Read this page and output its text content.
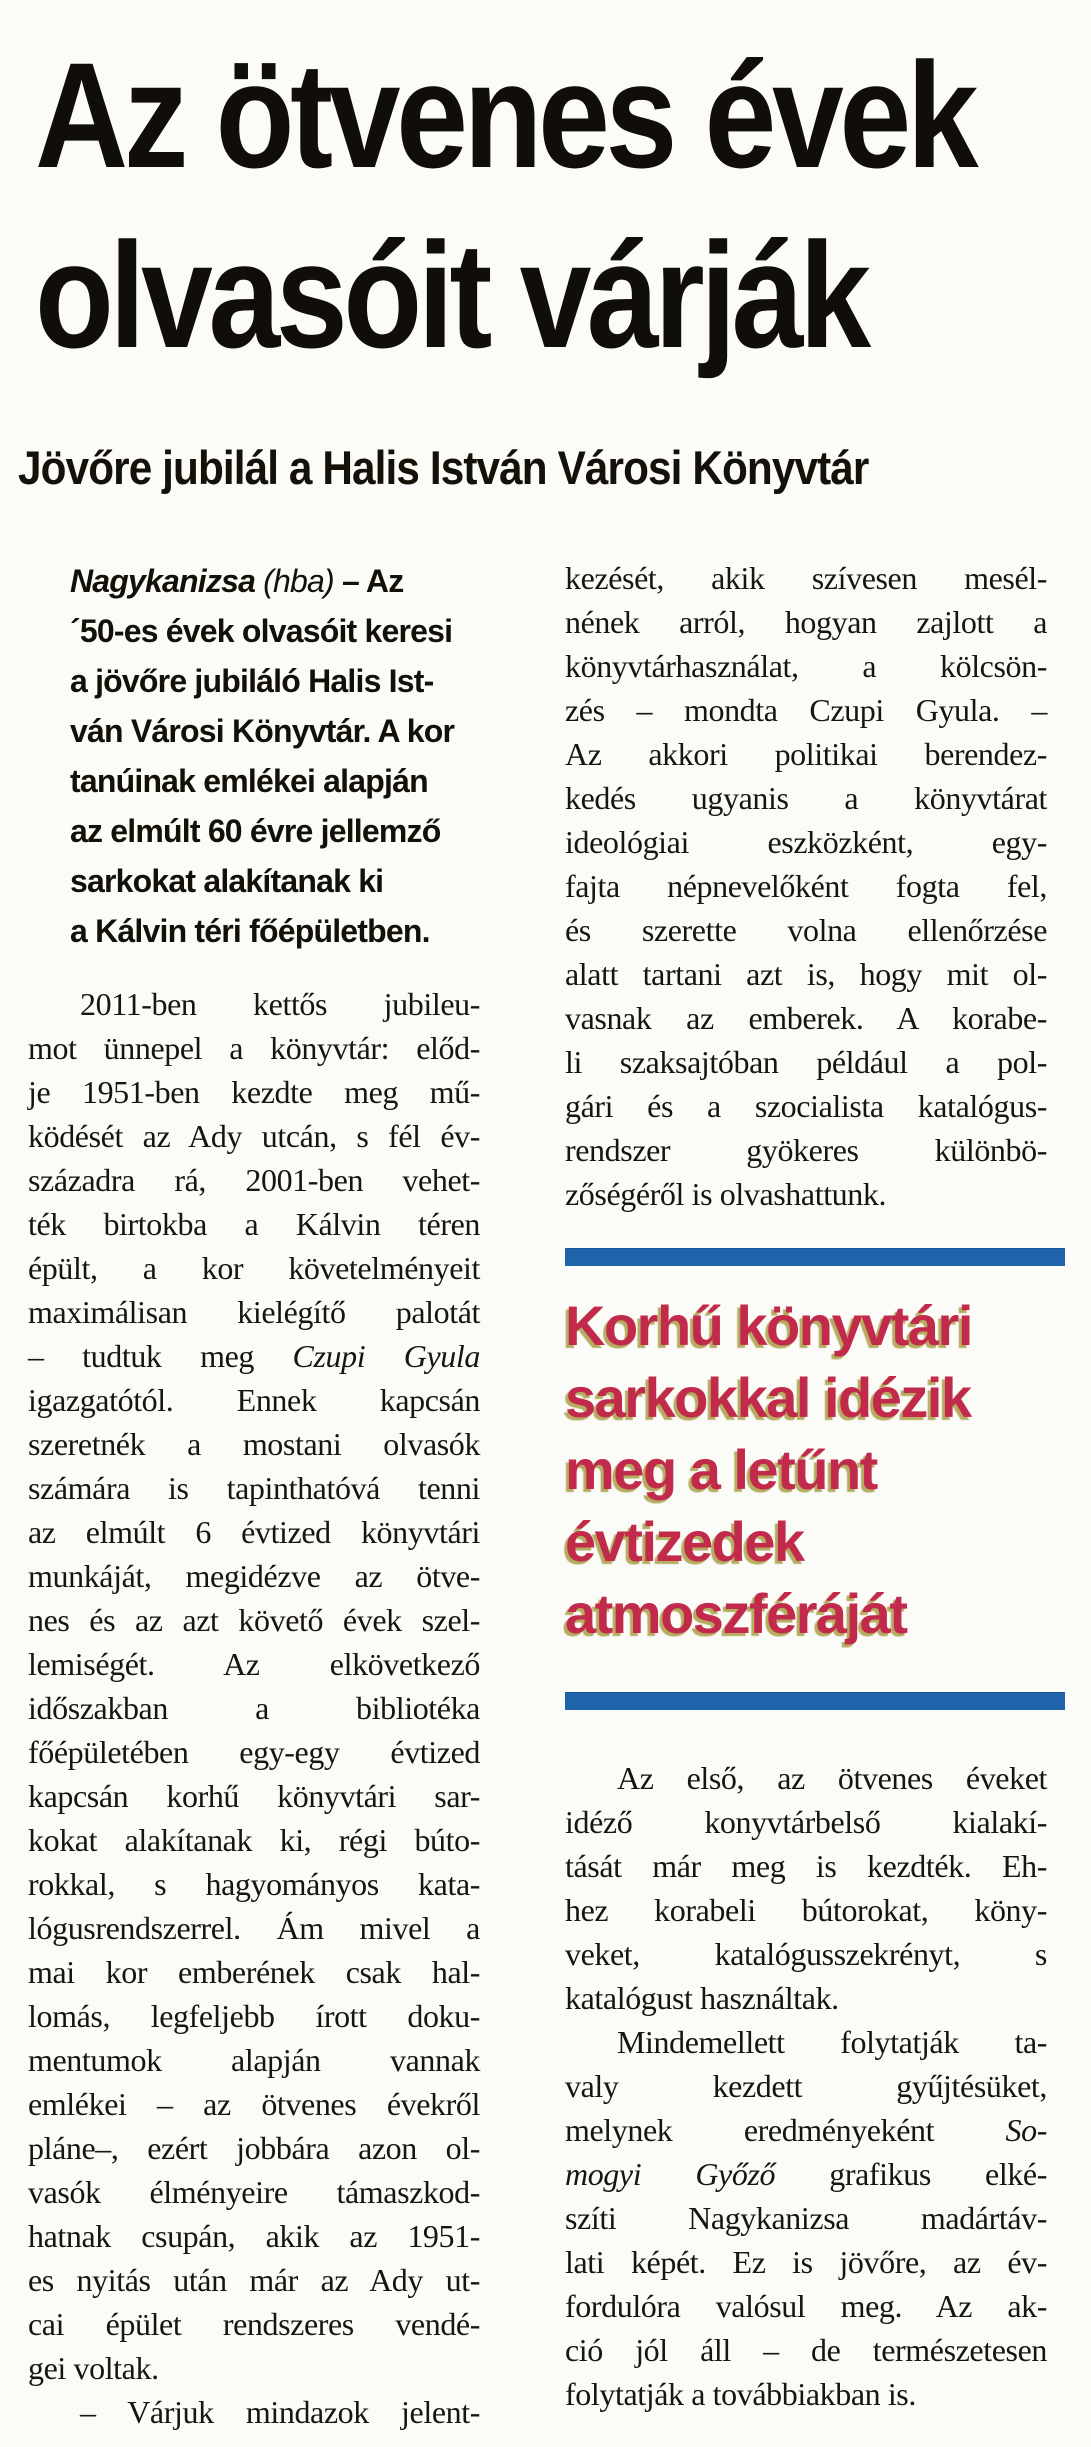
Az ötvenes évek
olvasóit várják
Jövőre jubilál a Halis István Városi Könyvtár
Nagykanizsa (hba) – Az
´50-es évek olvasóit keresi
a jövőre jubiláló Halis Ist-
ván Városi Könyvtár. A kor
tanúinak emlékei alapján
az elmúlt 60 évre jellemző
sarkokat alakítanak ki
a Kálvin téri főépületben.
2011-ben kettős jubileu-
mot ünnepel a könyvtár: előd-
je 1951-ben kezdte meg mű-
ködését az Ady utcán, s fél év-
századra rá, 2001-ben vehet-
ték birtokba a Kálvin téren
épült, a kor követelményeit
maximálisan kielégítő palotát
– tudtuk meg Czupi Gyula
igazgatótól. Ennek kapcsán
szeretnék a mostani olvasók
számára is tapinthatóvá tenni
az elmúlt 6 évtized könyvtári
munkáját, megidézve az ötve-
nes és az azt követő évek szel-
lemiségét. Az elkövetkező
időszakban a bibliotéka
főépületében egy-egy évtized
kapcsán korhű könyvtári sar-
kokat alakítanak ki, régi búto-
rokkal, s hagyományos kata-
lógusrendszerrel. Ám mivel a
mai kor emberének csak hal-
lomás, legfeljebb írott doku-
mentumok alapján vannak
emlékei – az ötvenes évekről
pláne–, ezért jobbára azon ol-
vasók élményeire támaszkod-
hatnak csupán, akik az 1951-
es nyitás után már az Ady ut-
cai épület rendszeres vendé-
gei voltak.
– Várjuk mindazok jelent-
kezését, akik szívesen mesél-
nének arról, hogyan zajlott a
könyvtárhasználat, a kölcsön-
zés – mondta Czupi Gyula. –
Az akkori politikai berendez-
kedés ugyanis a könyvtárat
ideológiai eszközként, egy-
fajta népnevelőként fogta fel,
és szerette volna ellenőrzése
alatt tartani azt is, hogy mit ol-
vasnak az emberek. A korabe-
li szaksajtóban például a pol-
gári és a szocialista katalógus-
rendszer gyökeres különbö-
zőségéről is olvashattunk.
Korhű könyvtári
sarkokkal idézik
meg a letűnt
évtizedek
atmoszféráját
Az első, az ötvenes éveket
idéző konyvtárbelső kialakí-
tását már meg is kezdték. Eh-
hez korabeli bútorokat, köny-
veket, katalógusszekrényt, s
katalógust használtak.
Mindemellett folytatják ta-
valy kezdett gyűjtésüket,
melynek eredményeként So-
mogyi Győző grafikus elké-
szíti Nagykanizsa madártáv-
lati képét. Ez is jövőre, az év-
fordulóra valósul meg. Az ak-
ció jól áll – de természetesen
folytatják a továbbiakban is.
